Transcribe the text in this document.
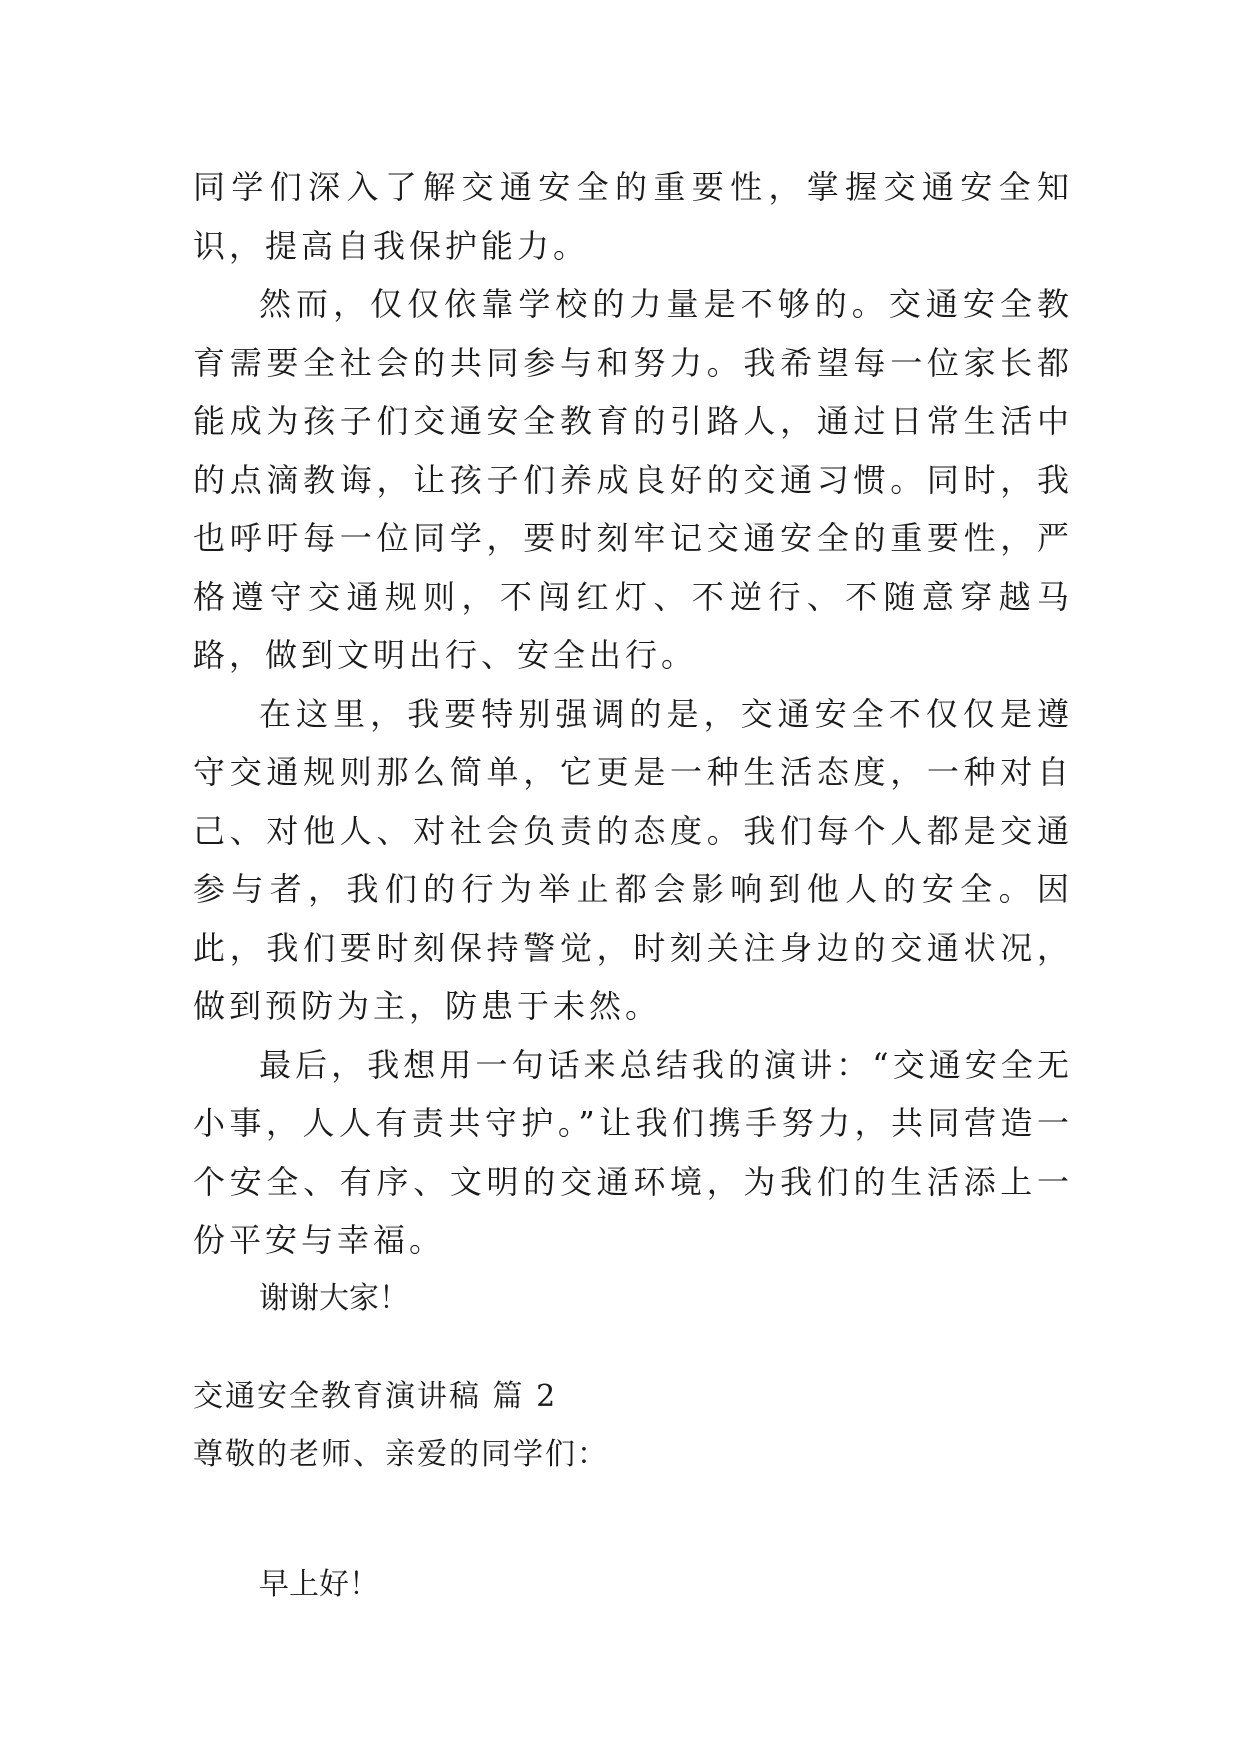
同学们深入了解交通安全的重要性，掌握交通安全知识，提高自我保护能力。

然而，仅仅依靠学校的力量是不够的。交通安全教育需要全社会的共同参与和努力。我希望每一位家长都能成为孩子们交通安全教育的引路人，通过日常生活中的点滴教诲，让孩子们养成良好的交通习惯。同时，我也呼吁每一位同学，要时刻牢记交通安全的重要性，严格遵守交通规则，不闯红灯、不逆行、不随意穿越马路，做到文明出行、安全出行。

在这里，我要特别强调的是，交通安全不仅仅是遵守交通规则那么简单，它更是一种生活态度，一种对自己、对他人、对社会负责的态度。我们每个人都是交通参与者，我们的行为举止都会影响到他人的安全。因此，我们要时刻保持警觉，时刻关注身边的交通状况，做到预防为主，防患于未然。

最后，我想用一句话来总结我的演讲：“交通安全无小事，人人有责共守护。”让我们携手努力，共同营造一个安全、有序、文明的交通环境，为我们的生活添上一份平安与幸福。

谢谢大家！

交通安全教育演讲稿 篇 2

尊敬的老师、亲爱的同学们：

早上好！
